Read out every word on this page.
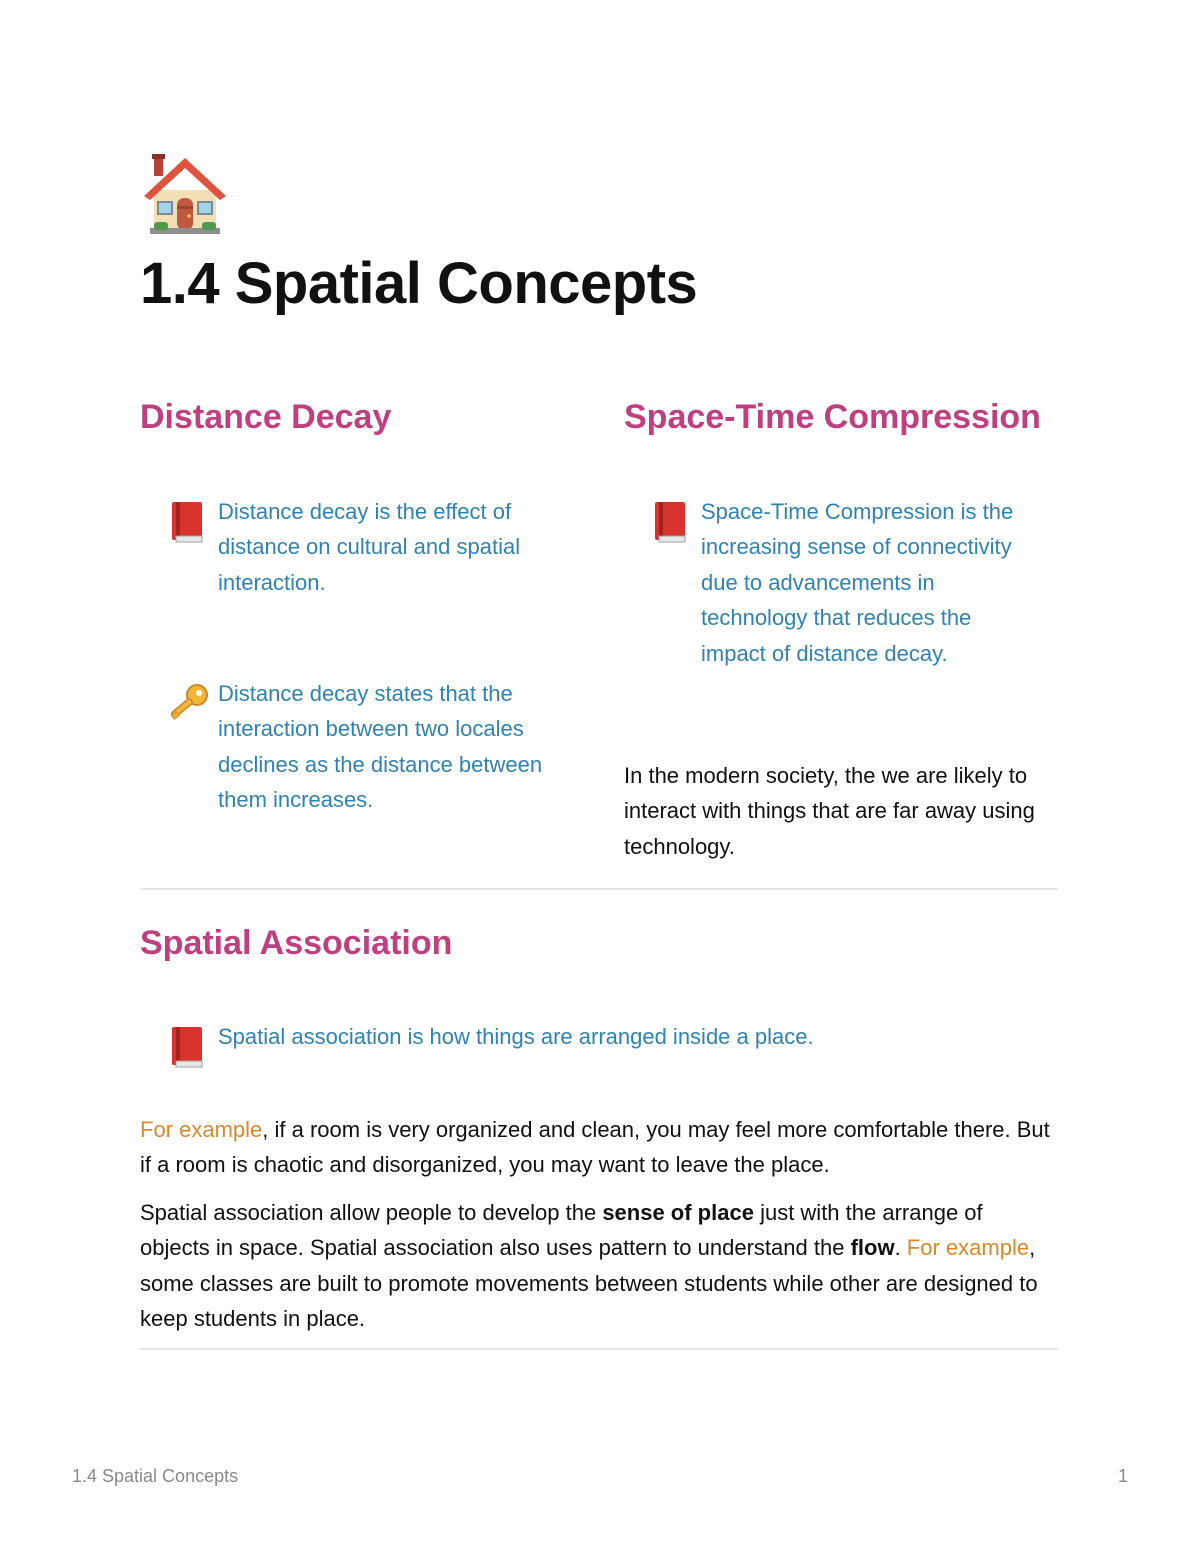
1.4 Spatial Concepts
Distance Decay
Distance decay is the effect of distance on cultural and spatial interaction.
Distance decay states that the interaction between two locales declines as the distance between them increases.
Space-Time Compression
Space-Time Compression is the increasing sense of connectivity due to advancements in technology that reduces the impact of distance decay.

In the modern society, the we are likely to interact with things that are far away using technology.

Spatial Association
Spatial association is how things are arranged inside a place.

For example, if a room is very organized and clean, you may feel more comfortable there. But if a room is chaotic and disorganized, you may want to leave the place.

Spatial association allow people to develop the sense of place just with the arrange of objects in space. Spatial association also uses pattern to understand the flow. For example, some classes are built to promote movements between students while other are designed to keep students in place.

1.4 Spatial Concepts	1
